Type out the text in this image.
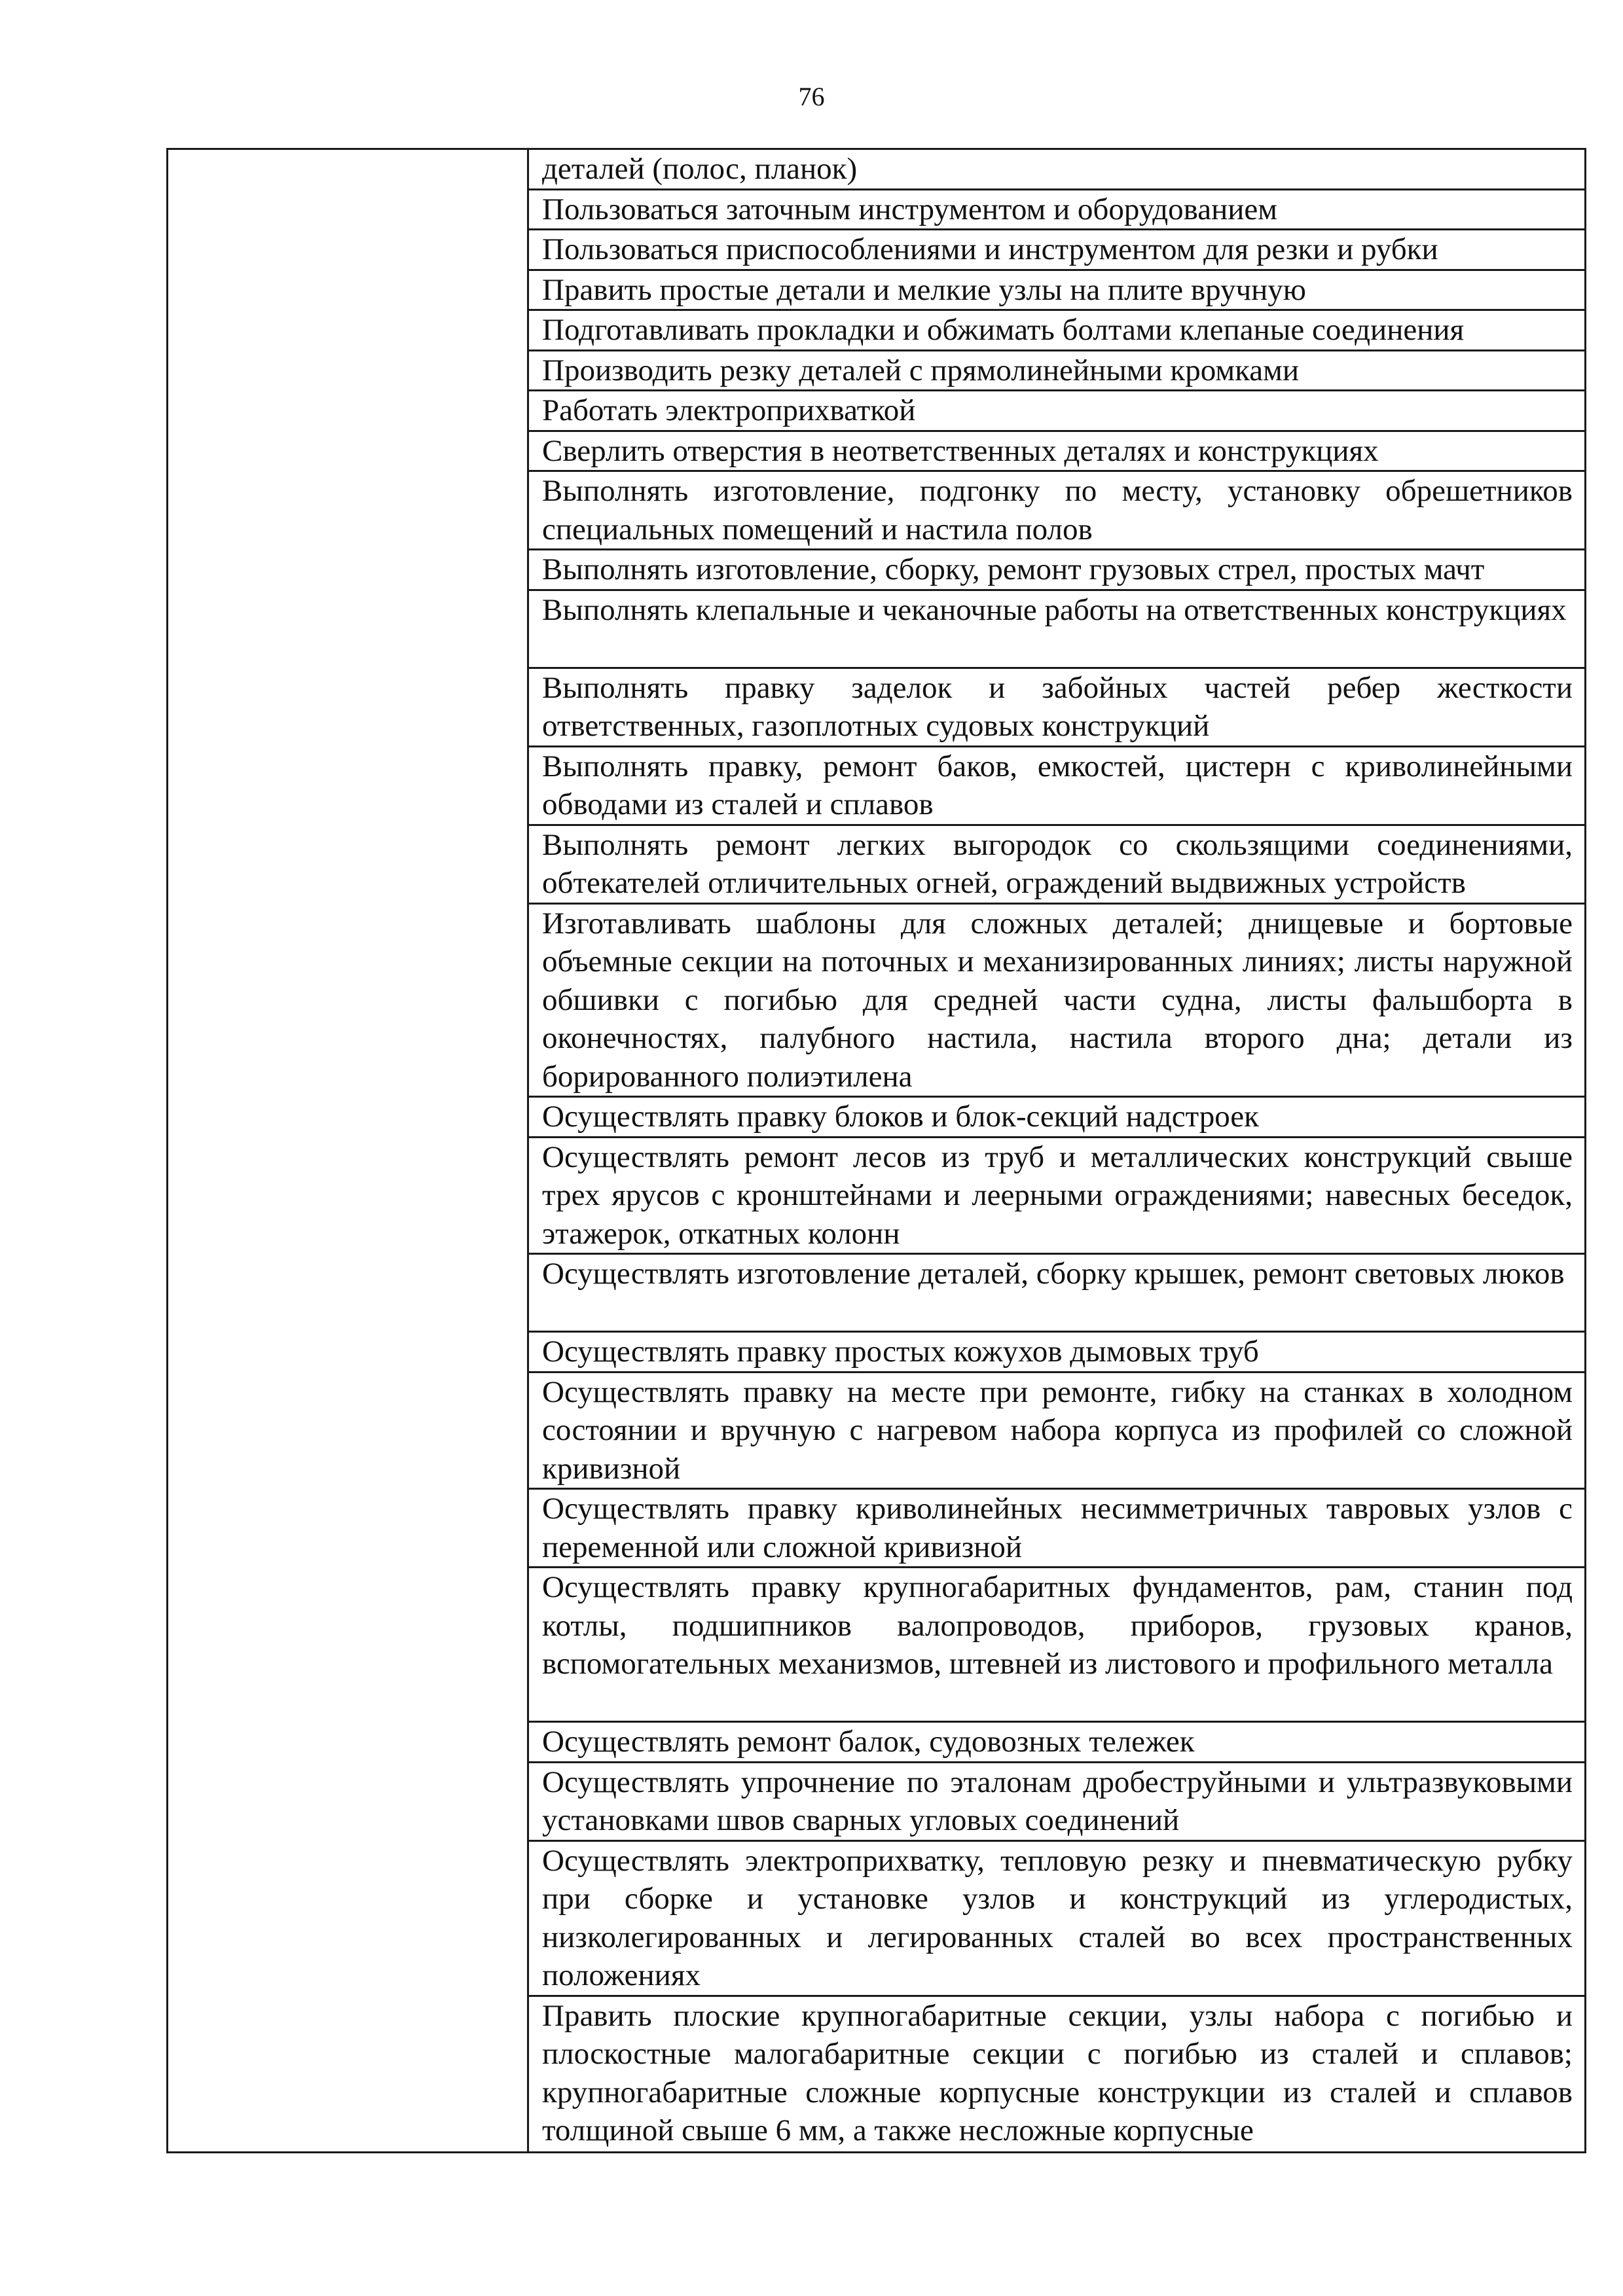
76

деталей (полос, планок)
Пользоваться заточным инструментом и оборудованием
Пользоваться приспособлениями и инструментом для резки и рубки
Править простые детали и мелкие узлы на плите вручную
Подготавливать прокладки и обжимать болтами клепаные соединения
Производить резку деталей с прямолинейными кромками
Работать электроприхваткой
Сверлить отверстия в неответственных деталях и конструкциях
Выполнять изготовление, подгонку по месту, установку обрешетников специальных помещений и настила полов
Выполнять изготовление, сборку, ремонт грузовых стрел, простых мачт
Выполнять клепальные и чеканочные работы на ответственных конструкциях
Выполнять правку заделок и забойных частей ребер жесткости ответственных, газоплотных судовых конструкций
Выполнять правку, ремонт баков, емкостей, цистерн с криволинейными обводами из сталей и сплавов
Выполнять ремонт легких выгородок со скользящими соединениями, обтекателей отличительных огней, ограждений выдвижных устройств
Изготавливать шаблоны для сложных деталей; днищевые и бортовые объемные секции на поточных и механизированных линиях; листы наружной обшивки с погибью для средней части судна, листы фальшборта в оконечностях, палубного настила, настила второго дна; детали из борированного полиэтилена
Осуществлять правку блоков и блок-секций надстроек
Осуществлять ремонт лесов из труб и металлических конструкций свыше трех ярусов с кронштейнами и леерными ограждениями; навесных беседок, этажерок, откатных колонн
Осуществлять изготовление деталей, сборку крышек, ремонт световых люков
Осуществлять правку простых кожухов дымовых труб
Осуществлять правку на месте при ремонте, гибку на станках в холодном состоянии и вручную с нагревом набора корпуса из профилей со сложной кривизной
Осуществлять правку криволинейных несимметричных тавровых узлов с переменной или сложной кривизной
Осуществлять правку крупногабаритных фундаментов, рам, станин под котлы, подшипников валопроводов, приборов, грузовых кранов, вспомогательных механизмов, штевней из листового и профильного металла
Осуществлять ремонт балок, судовозных тележек
Осуществлять упрочнение по эталонам дробеструйными и ультразвуковыми установками швов сварных угловых соединений
Осуществлять электроприхватку, тепловую резку и пневматическую рубку при сборке и установке узлов и конструкций из углеродистых, низколегированных и легированных сталей во всех пространственных положениях
Править плоские крупногабаритные секции, узлы набора с погибью и плоскостные малогабаритные секции с погибью из сталей и сплавов; крупногабаритные сложные корпусные конструкции из сталей и сплавов толщиной свыше 6 мм, а также несложные корпусные
